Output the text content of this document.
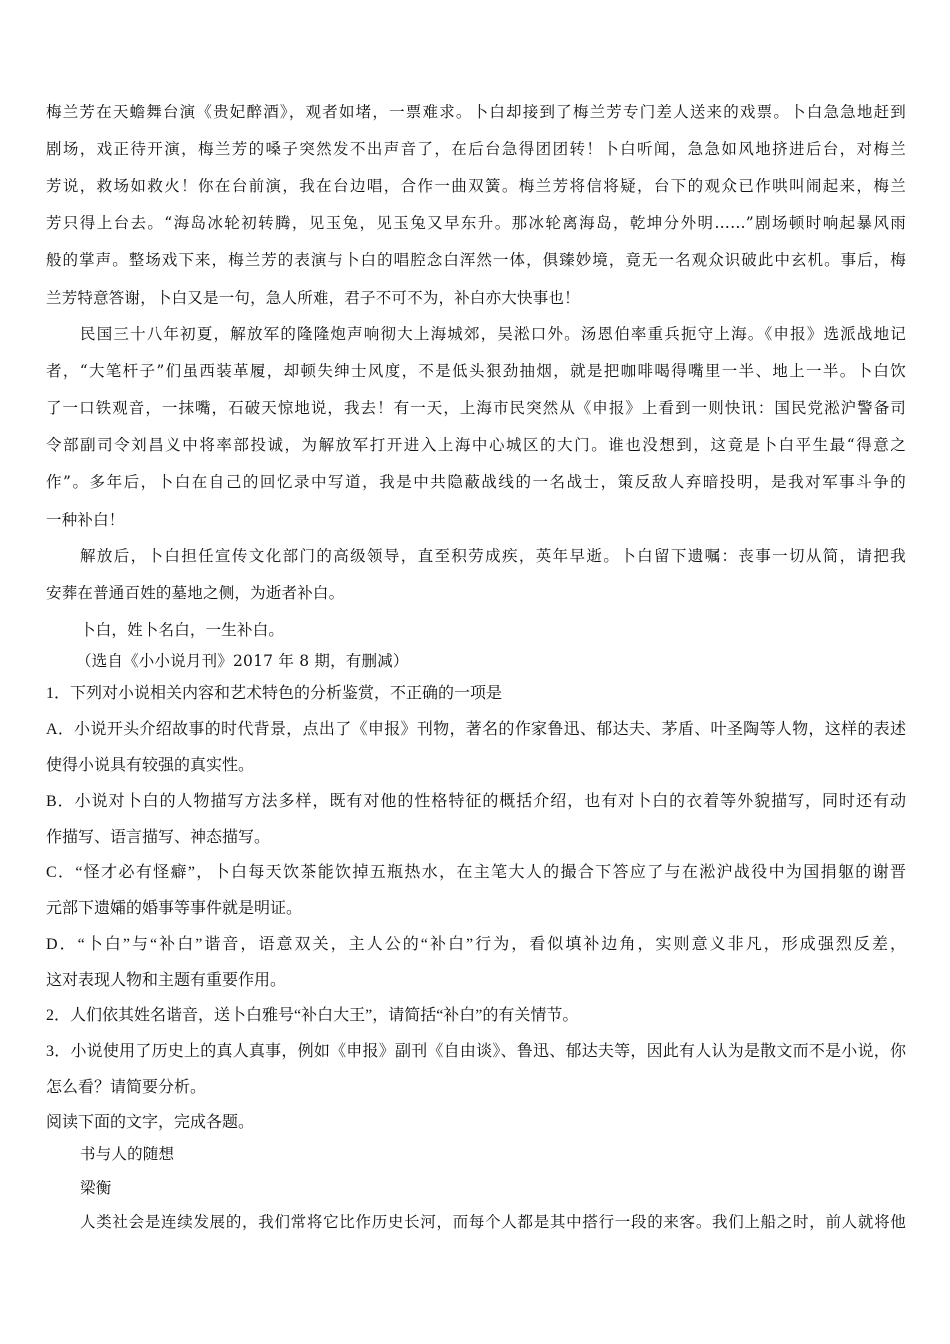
梅兰芳在天蟾舞台演《贵妃醉酒》，观者如堵，一票难求。卜白却接到了梅兰芳专门差人送来的戏票。卜白急急地赶到
剧场，戏正待开演，梅兰芳的嗓子突然发不出声音了，在后台急得团团转！卜白听闻，急急如风地挤进后台，对梅兰
芳说，救场如救火！你在台前演，我在台边唱，合作一曲双簧。梅兰芳将信将疑，台下的观众已作哄叫闹起来，梅兰
芳只得上台去。“海岛冰轮初转腾，见玉兔，见玉兔又早东升。那冰轮离海岛，乾坤分外明……”剧场顿时响起暴风雨
般的掌声。整场戏下来，梅兰芳的表演与卜白的唱腔念白浑然一体，俱臻妙境，竟无一名观众识破此中玄机。事后，梅
兰芳特意答谢，卜白又是一句，急人所难，君子不可不为，补白亦大快事也！
民国三十八年初夏，解放军的隆隆炮声响彻大上海城郊，吴淞口外。汤恩伯率重兵扼守上海。《申报》选派战地记
者，“大笔杆子”们虽西装革履，却顿失绅士风度，不是低头狠劲抽烟，就是把咖啡喝得嘴里一半、地上一半。卜白饮
了一口铁观音，一抹嘴，石破天惊地说，我去！有一天，上海市民突然从《申报》上看到一则快讯：国民党淞沪警备司
令部副司令刘昌义中将率部投诚，为解放军打开进入上海中心城区的大门。谁也没想到，这竟是卜白平生最“得意之
作”。多年后，卜白在自己的回忆录中写道，我是中共隐蔽战线的一名战士，策反敌人弃暗投明，是我对军事斗争的
一种补白！
解放后，卜白担任宣传文化部门的高级领导，直至积劳成疾，英年早逝。卜白留下遗嘱：丧事一切从简，请把我
安葬在普通百姓的墓地之侧，为逝者补白。
卜白，姓卜名白，一生补白。
（选自《小小说月刊》2017 年 8 期，有删减）
1．下列对小说相关内容和艺术特色的分析鉴赏，不正确的一项是
A．小说开头介绍故事的时代背景，点出了《申报》刊物，著名的作家鲁迅、郁达夫、茅盾、叶圣陶等人物，这样的表述
使得小说具有较强的真实性。
B．小说对卜白的人物描写方法多样，既有对他的性格特征的概括介绍，也有对卜白的衣着等外貌描写，同时还有动
作描写、语言描写、神态描写。
C．“怪才必有怪癖”，卜白每天饮茶能饮掉五瓶热水，在主笔大人的撮合下答应了与在淞沪战役中为国捐躯的谢晋
元部下遗孀的婚事等事件就是明证。
D．“卜白”与“补白”谐音，语意双关，主人公的“补白”行为，看似填补边角，实则意义非凡，形成强烈反差，
这对表现人物和主题有重要作用。
2．人们依其姓名谐音，送卜白雅号“补白大王”，请简括“补白”的有关情节。
3．小说使用了历史上的真人真事，例如《申报》副刊《自由谈》、鲁迅、郁达夫等，因此有人认为是散文而不是小说，你
怎么看？请简要分析。
阅读下面的文字，完成各题。
书与人的随想
梁衡
人类社会是连续发展的，我们常将它比作历史长河，而每个人都是其中搭行一段的来客。我们上船之时，前人就将他
